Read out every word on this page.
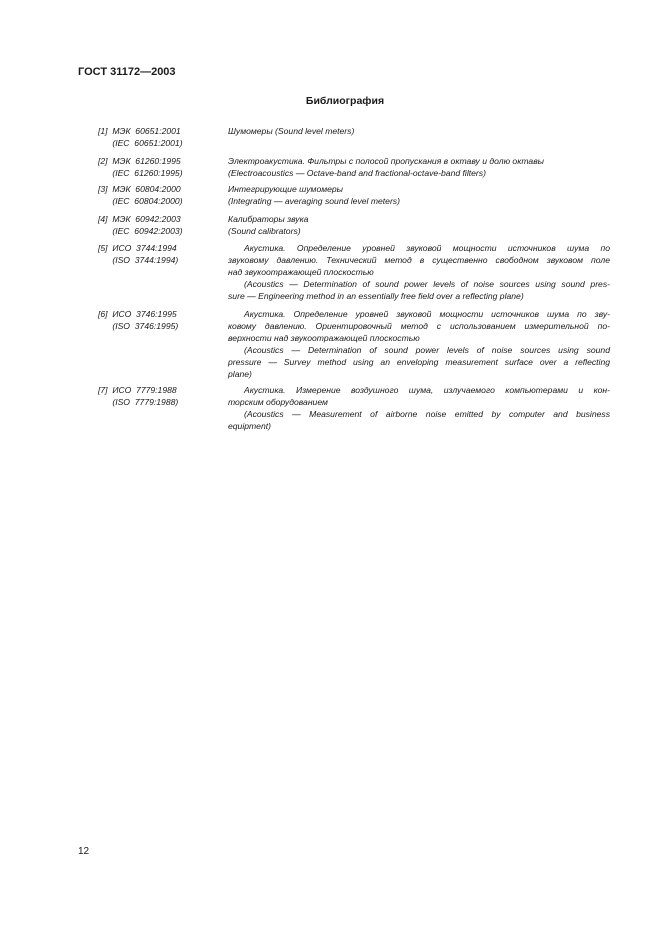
ГОСТ 31172—2003
Библиография
[1]  МЭК  60651:2001
(IEC  60651:2001)
Шумомеры (Sound level meters)
[2]  МЭК  61260:1995
(IEC  61260:1995)
Электроакустика. Фильтры с полосой пропускания в октаву и долю октавы
(Electroacoustics — Octave-band and fractional-octave-band filters)
[3]  МЭК  60804:2000
(IEC  60804:2000)
Интегрирующие шумомеры
(Integrating — averaging sound level meters)
[4]  МЭК  60942:2003
(IEC  60942:2003)
Калибраторы звука
(Sound calibrators)
[5]  ИСО  3744:1994
(ISO  3744:1994)
Акустика. Определение уровней звуковой мощности источников шума по
звуковому давлению. Технический метод в существенно свободном звуковом поле
над звукоотражающей плоскостью
(Acoustics — Determination of sound power levels of noise sources using sound pres-
sure — Engineering method in an essentially free field over a reflecting plane)
[6]  ИСО  3746:1995
(ISO  3746:1995)
Акустика. Определение уровней звуковой мощности источников шума по зву-
ковому давлению. Ориентировочный метод с использованием измерительной по-
верхности над звукоотражающей плоскостью
(Acoustics — Determination of sound power levels of noise sources using sound
pressure — Survey method using an enveloping measurement surface over a reflecting
plane)
[7]  ИСО  7779:1988
(ISO  7779:1988)
Акустика. Измерение воздушного шума, излучаемого компьютерами и кон-
торским оборудованием
(Acoustics — Measurement of airborne noise emitted by computer and business
equipment)
12
